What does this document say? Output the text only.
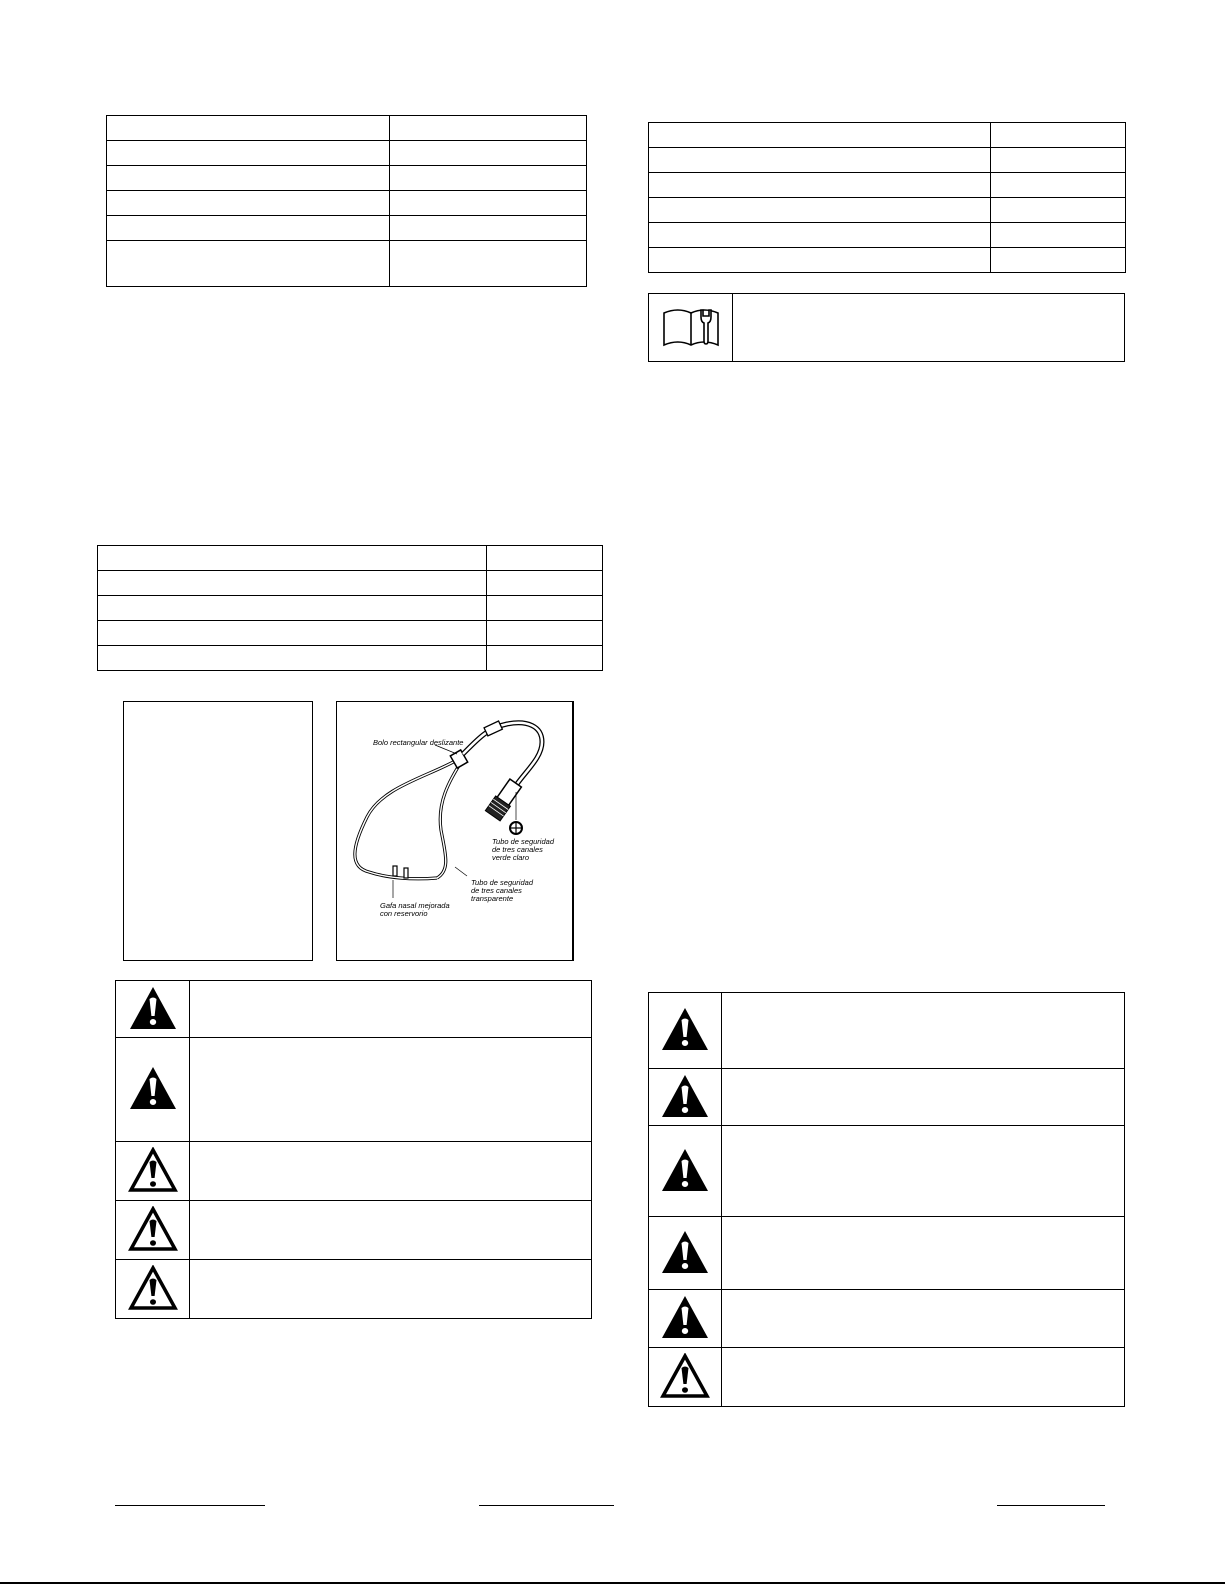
Bolo rectangular deslizante
Tubo de seguridad
de tres canales
verde claro
Tubo de seguridad
de tres canales
transparente
Gafa nasal mejorada
con reservorio
